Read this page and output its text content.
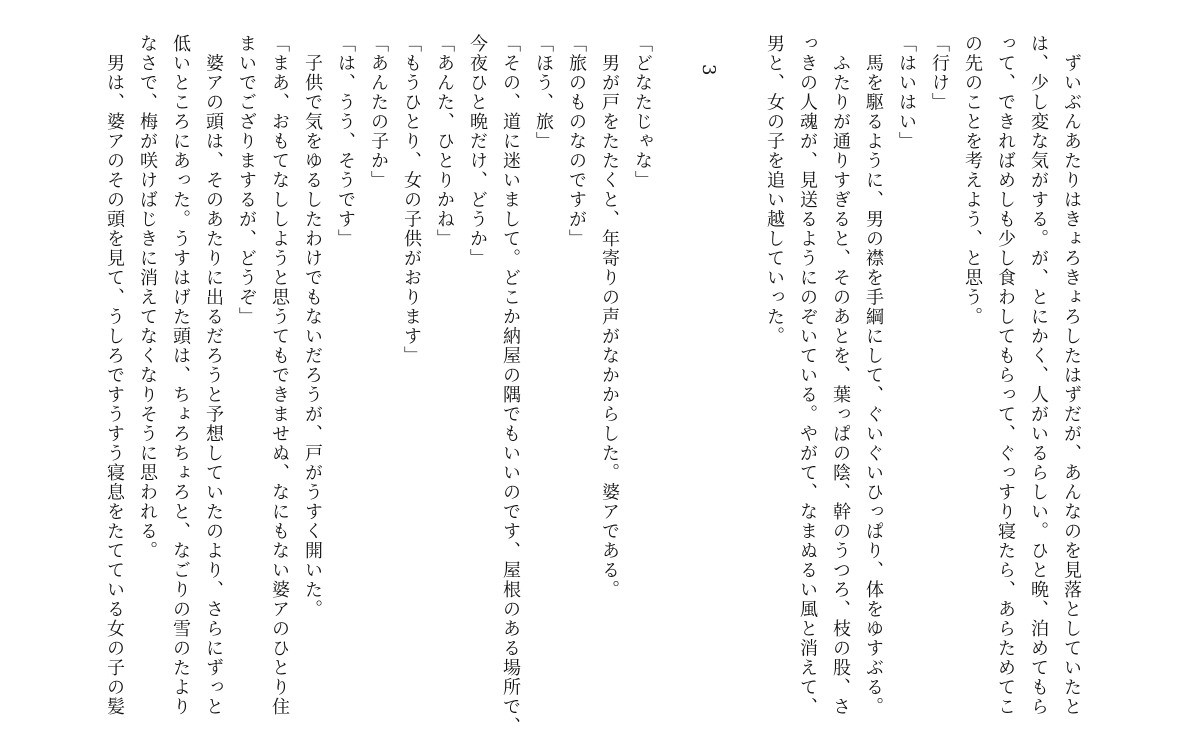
　ずいぶんあたりはきょろきょろしたはずだが、あんなのを見落としていたと
は、少し変な気がする。が、とにかく、人がいるらしい。ひと晩、泊めてもら
って、できればめしも少し食わしてもらって、ぐっすり寝たら、あらためてこ
の先のことを考えよう、と思う。
「行け」
「はいはい」
　馬を駆るように、男の襟を手綱にして、ぐいぐいひっぱり、体をゆすぶる。
　ふたりが通りすぎると、そのあとを、葉っぱの陰、幹のうつろ、枝の股、さ
っきの人魂が、見送るようにのぞいている。やがて、なまぬるい風と消えて、
男と、女の子を追い越していった。

3

「どなたじゃな」
　男が戸をたたくと、年寄りの声がなかからした。婆アである。
「旅のものなのですが」
「ほう、旅」
「その、道に迷いまして。どこか納屋の隅でもいいのです、屋根のある場所で、
今夜ひと晩だけ、どうか」
「あんた、ひとりかね」
「もうひとり、女の子供がおります」
「あんたの子か」
「は、うう、そうです」
　子供で気をゆるしたわけでもないだろうが、戸がうすく開いた。
「まあ、おもてなししようと思うてもできませぬ、なにもない婆アのひとり住
まいでござりまするが、どうぞ」
　婆アの頭は、そのあたりに出るだろうと予想していたのより、さらにずっと
低いところにあった。うすはげた頭は、ちょろちょろと、なごりの雪のたより
なさで、梅が咲けばじきに消えてなくなりそうに思われる。
　男は、婆アのその頭を見て、うしろですうすう寝息をたてている女の子の髪
